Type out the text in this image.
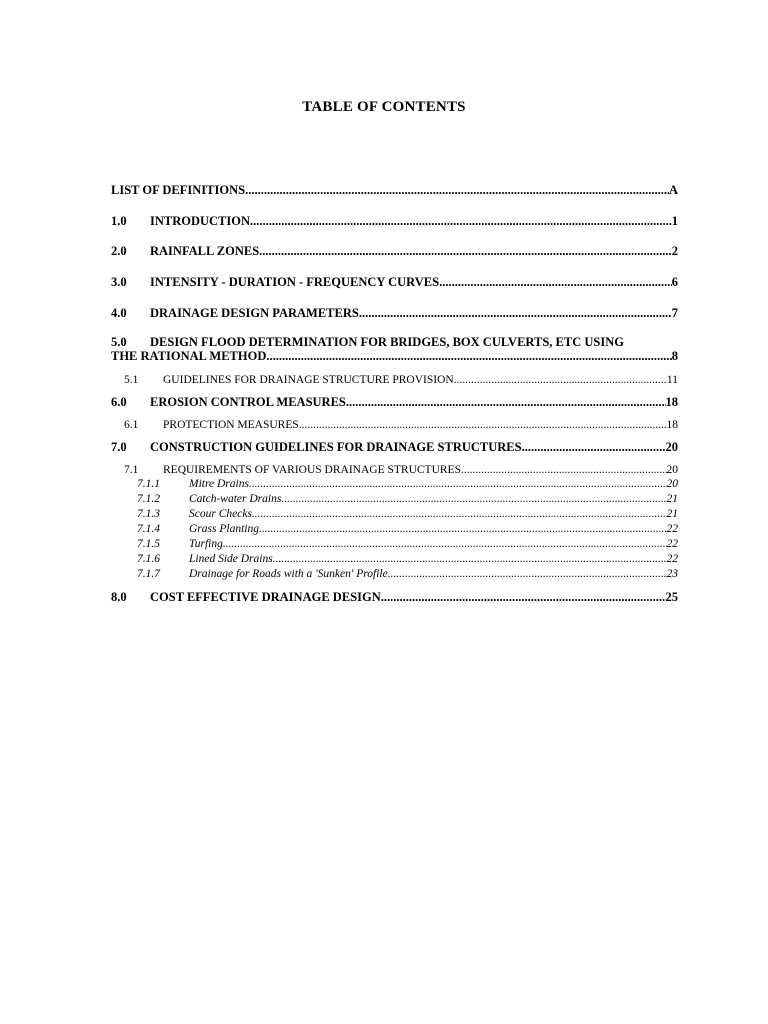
TABLE OF CONTENTS
LIST OF DEFINITIONS .....	A
1.0	INTRODUCTION .....	1
2.0	RAINFALL ZONES .....	2
3.0	INTENSITY - DURATION - FREQUENCY CURVES .....	6
4.0	DRAINAGE DESIGN PARAMETERS .....	7
5.0 DESIGN FLOOD DETERMINATION FOR BRIDGES, BOX CULVERTS, ETC USING
THE RATIONAL METHOD .....	8
5.1	GUIDELINES FOR DRAINAGE STRUCTURE PROVISION .....	11
6.0	EROSION CONTROL MEASURES .....	18
6.1	PROTECTION MEASURES .....	18
7.0	CONSTRUCTION GUIDELINES FOR DRAINAGE STRUCTURES .....	20
7.1	REQUIREMENTS OF VARIOUS DRAINAGE STRUCTURES .....	20
7.1.1	Mitre Drains .....	20
7.1.2	Catch-water Drains .....	21
7.1.3	Scour Checks .....	21
7.1.4	Grass Planting .....	22
7.1.5	Turfing .....	22
7.1.6	Lined Side Drains .....	22
7.1.7	Drainage for Roads with a 'Sunken' Profile .....	23
8.0	COST EFFECTIVE DRAINAGE DESIGN .....	25
